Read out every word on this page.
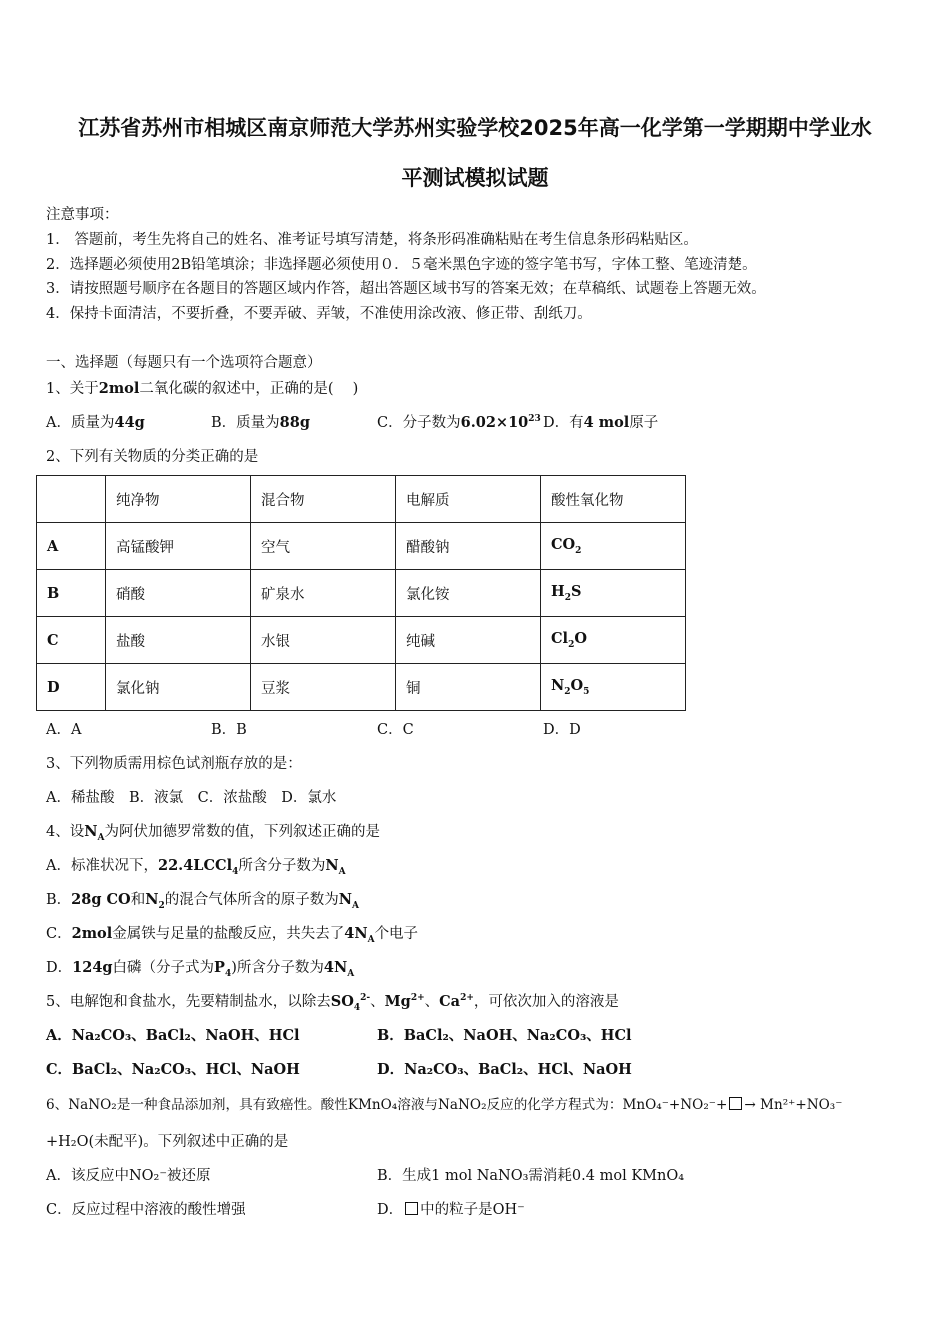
江苏省苏州市相城区南京师范大学苏州实验学校2025年高一化学第一学期期中学业水
平测试模拟试题
注意事项：
1． 答题前，考生先将自己的姓名、准考证号填写清楚，将条形码准确粘贴在考生信息条形码粘贴区。
2．选择题必须使用2B铅笔填涂；非选择题必须使用０．５毫米黑色字迹的签字笔书写，字体工整、笔迹清楚。
3．请按照题号顺序在各题目的答题区域内作答，超出答题区域书写的答案无效；在草稿纸、试题卷上答题无效。
4．保持卡面清洁，不要折叠，不要弄破、弄皱，不准使用涂改液、修正带、刮纸刀。
一、选择题（每题只有一个选项符合题意）
1、关于2mol二氧化碳的叙述中，正确的是(　 )
A．质量为44g	B．质量为88g	C．分子数为$6.02\times 10^{23}$ D．有4 mol原子
2、下列有关物质的分类正确的是
	纯净物	混合物	电解质	酸性氧化物
A	高锰酸钾	空气	醋酸钠	$CO_2$
B	硝酸	矿泉水	氯化铵	$H_2S$
C	盐酸	水银	纯碱	$Cl_2O$
D	氯化钠	豆浆	铜	$N_2O_5$
A．A	B．B	C．C	D．D
3、下列物质需用棕色试剂瓶存放的是：
A．稀盐酸　B．液氯　C．浓盐酸　D．氯水
4、设$N_A$为阿伏加德罗常数的值，下列叙述正确的是
A．标准状况下，22.4LCCl$_4$所含分子数为$N_A$
B．28g CO和$N_2$的混合气体所含的原子数为$N_A$
C．2mol金属铁与足量的盐酸反应，共失去了$4N_A$个电子
D．124g白磷（分子式为$P_4$)所含分子数为$4N_A$
5、电解饱和食盐水，先要精制盐水，以除去$SO_4^{2-}$、$Mg^{2+}$、$Ca^{2+}$，可依次加入的溶液是
A．Na₂CO₃、BaCl₂、NaOH、HCl	B．BaCl₂、NaOH、Na₂CO₃、HCl
C．BaCl₂、Na₂CO₃、HCl、NaOH	D．Na₂CO₃、BaCl₂、HCl、NaOH
6、NaNO₂是一种食品添加剂，具有致癌性。酸性KMnO₄溶液与NaNO₂反应的化学方程式为：MnO₄⁻+NO₂⁻+ → Mn²⁺+NO₃⁻
+H₂O(未配平)。下列叙述中正确的是
A．该反应中NO₂⁻被还原	B．生成1 mol NaNO₃需消耗0.4 mol KMnO₄
C．反应过程中溶液的酸性增强	D． 中的粒子是OH⁻
